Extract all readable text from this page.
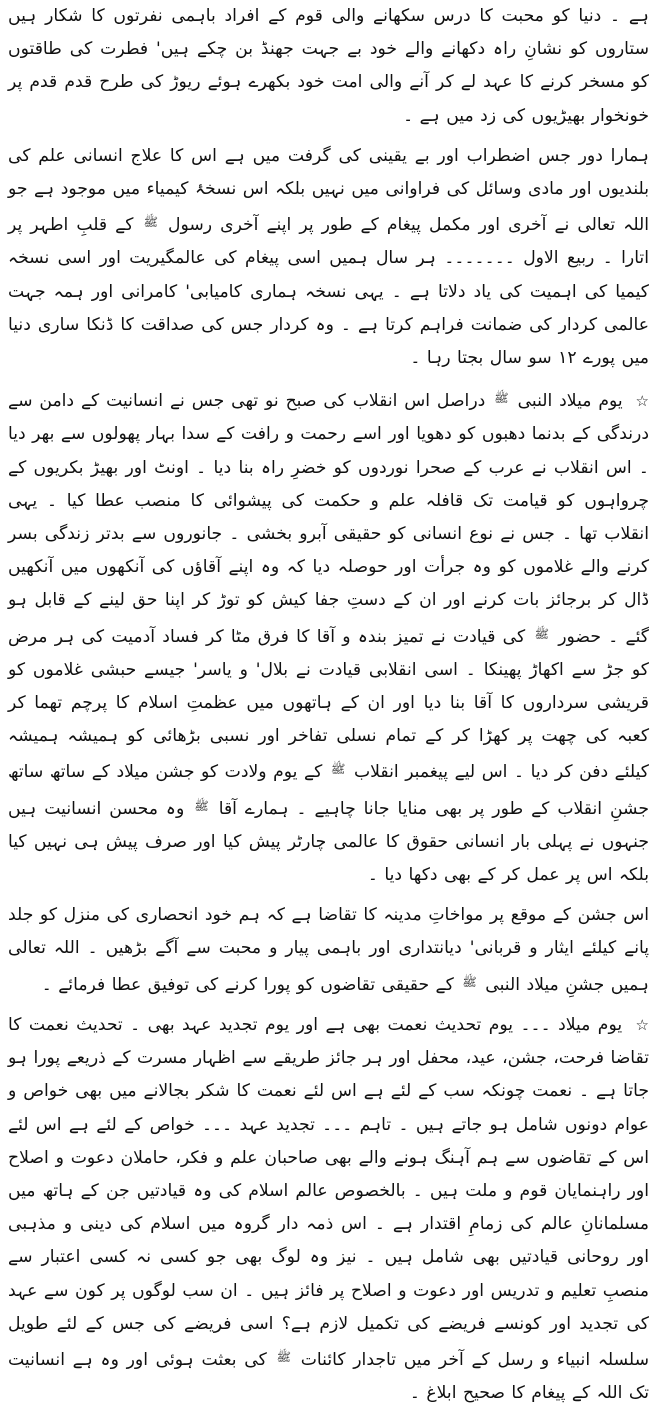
ہے ۔ دنیا کو محبت کا درس سکھانے والی قوم کے افراد باہمی نفرتوں کا شکار ہیں ستاروں کو نشانِ راہ دکھانے والے خود بے جہت جھنڈ بن چکے ہیں' فطرت کی طاقتوں کو مسخر کرنے کا عہد لے کر آنے والی امت خود بکھرے ہوئے ریوڑ کی طرح قدم قدم پر خونخوار بھیڑیوں کی زد میں ہے ۔

ہمارا دور جس اضطراب اور بے یقینی کی گرفت میں ہے اس کا علاج انسانی علم کی بلندیوں اور مادی وسائل کی فراوانی میں نہیں بلکہ اس نسخۂ کیمیاء میں موجود ہے جو اللہ تعالی نے آخری اور مکمل پیغام کے طور پر اپنے آخری رسول $^ﷺ$ کے قلبِ اطہر پر اتارا ۔ ربیع الاول ۔۔۔۔۔۔۔ ہر سال ہمیں اسی پیغام کی عالمگیریت اور اسی نسخہ کیمیا کی اہمیت کی یاد دلاتا ہے ۔ یہی نسخہ ہماری کامیابی' کامرانی اور ہمہ جہت عالمی کردار کی ضمانت فراہم کرتا ہے ۔ وہ کردار جس کی صداقت کا ڈنکا ساری دنیا میں پورے ۱۲ سو سال بجتا رہا ۔

☆ یوم میلاد النبی $^ﷺ$ دراصل اس انقلاب کی صبح نو تھی جس نے انسانیت کے دامن سے درندگی کے بدنما دھبوں کو دھویا اور اسے رحمت و رافت کے سدا بہار پھولوں سے بھر دیا ۔ اس انقلاب نے عرب کے صحرا نوردوں کو خضرِ راہ بنا دیا ۔ اونٹ اور بھیڑ بکریوں کے چرواہوں کو قیامت تک قافلہ علم و حکمت کی پیشوائی کا منصب عطا کیا ۔ یہی انقلاب تھا ۔ جس نے نوع انسانی کو حقیقی آبرو بخشی ۔ جانوروں سے بدتر زندگی بسر کرنے والے غلاموں کو وہ جرأت اور حوصلہ دیا کہ وہ اپنے آقاؤں کی آنکھوں میں آنکھیں ڈال کر برجائز بات کرنے اور ان کے دستِ جفا کیش کو توڑ کر اپنا حق لینے کے قابل ہو گئے ۔ حضور $^ﷺ$ کی قیادت نے تمیز بندہ و آقا کا فرق مٹا کر فساد آدمیت کی ہر مرض کو جڑ سے اکھاڑ پھینکا ۔ اسی انقلابی قیادت نے بلال' و یاسر' جیسے حبشی غلاموں کو قریشی سرداروں کا آقا بنا دیا اور ان کے ہاتھوں میں عظمتِ اسلام کا پرچم تھما کر کعبہ کی چھت پر کھڑا کر کے تمام نسلی تفاخر اور نسبی بڑھائی کو ہمیشہ ہمیشہ کیلئے دفن کر دیا ۔ اس لیے پیغمبر انقلاب $^ﷺ$ کے یوم ولادت کو جشن میلاد کے ساتھ ساتھ جشنِ انقلاب کے طور پر بھی منایا جانا چاہیے ۔ ہمارے آقا $^ﷺ$ وہ محسن انسانیت ہیں جنہوں نے پہلی بار انسانی حقوق کا عالمی چارٹر پیش کیا اور صرف پیش ہی نہیں کیا بلکہ اس پر عمل کر کے بھی دکھا دیا ۔

اس جشن کے موقع پر مواخاتِ مدینہ کا تقاضا ہے کہ ہم خود انحصاری کی منزل کو جلد پانے کیلئے ایثار و قربانی' دیانتداری اور باہمی پیار و محبت سے آگے بڑھیں ۔ اللہ تعالی ہمیں جشنِ میلاد النبی $^ﷺ$ کے حقیقی تقاضوں کو پورا کرنے کی توفیق عطا فرمائے ۔

☆ یوم میلاد ۔۔۔ یوم تحدیث نعمت بھی ہے اور یوم تجدید عہد بھی ۔ تحدیث نعمت کا تقاضا فرحت، جشن، عید، محفل اور ہر جائز طریقے سے اظہار مسرت کے ذریعے پورا ہو جاتا ہے ۔ نعمت چونکہ سب کے لئے ہے اس لئے نعمت کا شکر بجالانے میں بھی خواص و عوام دونوں شامل ہو جاتے ہیں ۔ تاہم ۔۔۔ تجدید عہد ۔۔۔ خواص کے لئے ہے اس لئے اس کے تقاضوں سے ہم آہنگ ہونے والے بھی صاحبان علم و فکر، حاملان دعوت و اصلاح اور راہنمایان قوم و ملت ہیں ۔ بالخصوص عالم اسلام کی وہ قیادتیں جن کے ہاتھ میں مسلمانانِ عالم کی زمامِ اقتدار ہے ۔ اس ذمہ دار گروہ میں اسلام کی دینی و مذہبی اور روحانی قیادتیں بھی شامل ہیں ۔ نیز وہ لوگ بھی جو کسی نہ کسی اعتبار سے منصبِ تعلیم و تدریس اور دعوت و اصلاح پر فائز ہیں ۔ ان سب لوگوں پر کون سے عہد کی تجدید اور کونسے فریضے کی تکمیل لازم ہے؟ اسی فریضے کی جس کے لئے طویل سلسلہ انبیاء و رسل کے آخر میں تاجدار کائنات $^ﷺ$ کی بعثت ہوئی اور وہ ہے انسانیت تک اللہ کے پیغام کا صحیح ابلاغ ۔
